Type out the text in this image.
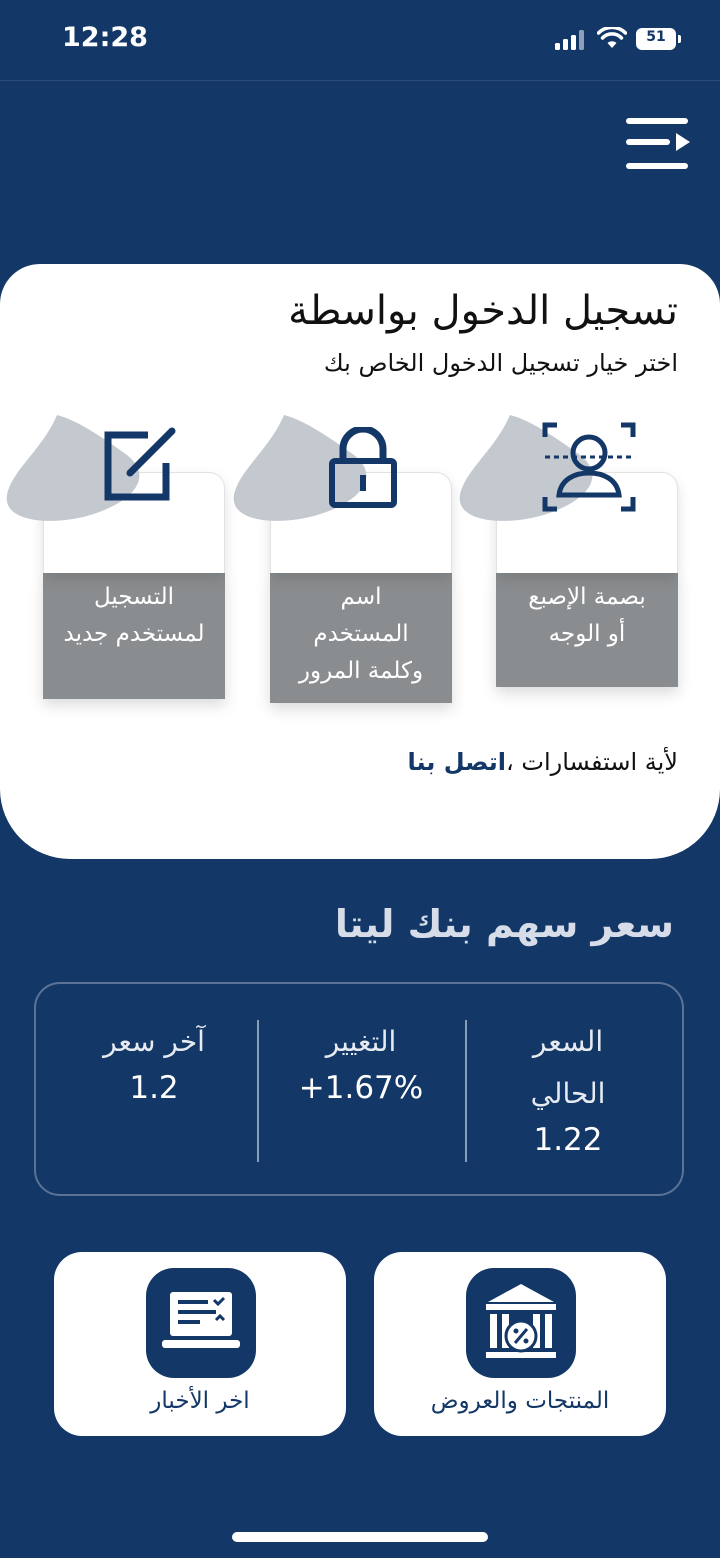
12:28	51
تسجيل الدخول بواسطة
اختر خيار تسجيل الدخول الخاص بك
بصمة الإصبع
أو الوجه
اسم
المستخدم
وكلمة المرور
التسجيل
لمستخدم جديد
لأية استفسارات ،اتصل بنا
سعر سهم بنك ليتا
السعر
الحالي
1.22
التغيير
+1.67%
آخر سعر
1.2
المنتجات والعروض
اخر الأخبار
